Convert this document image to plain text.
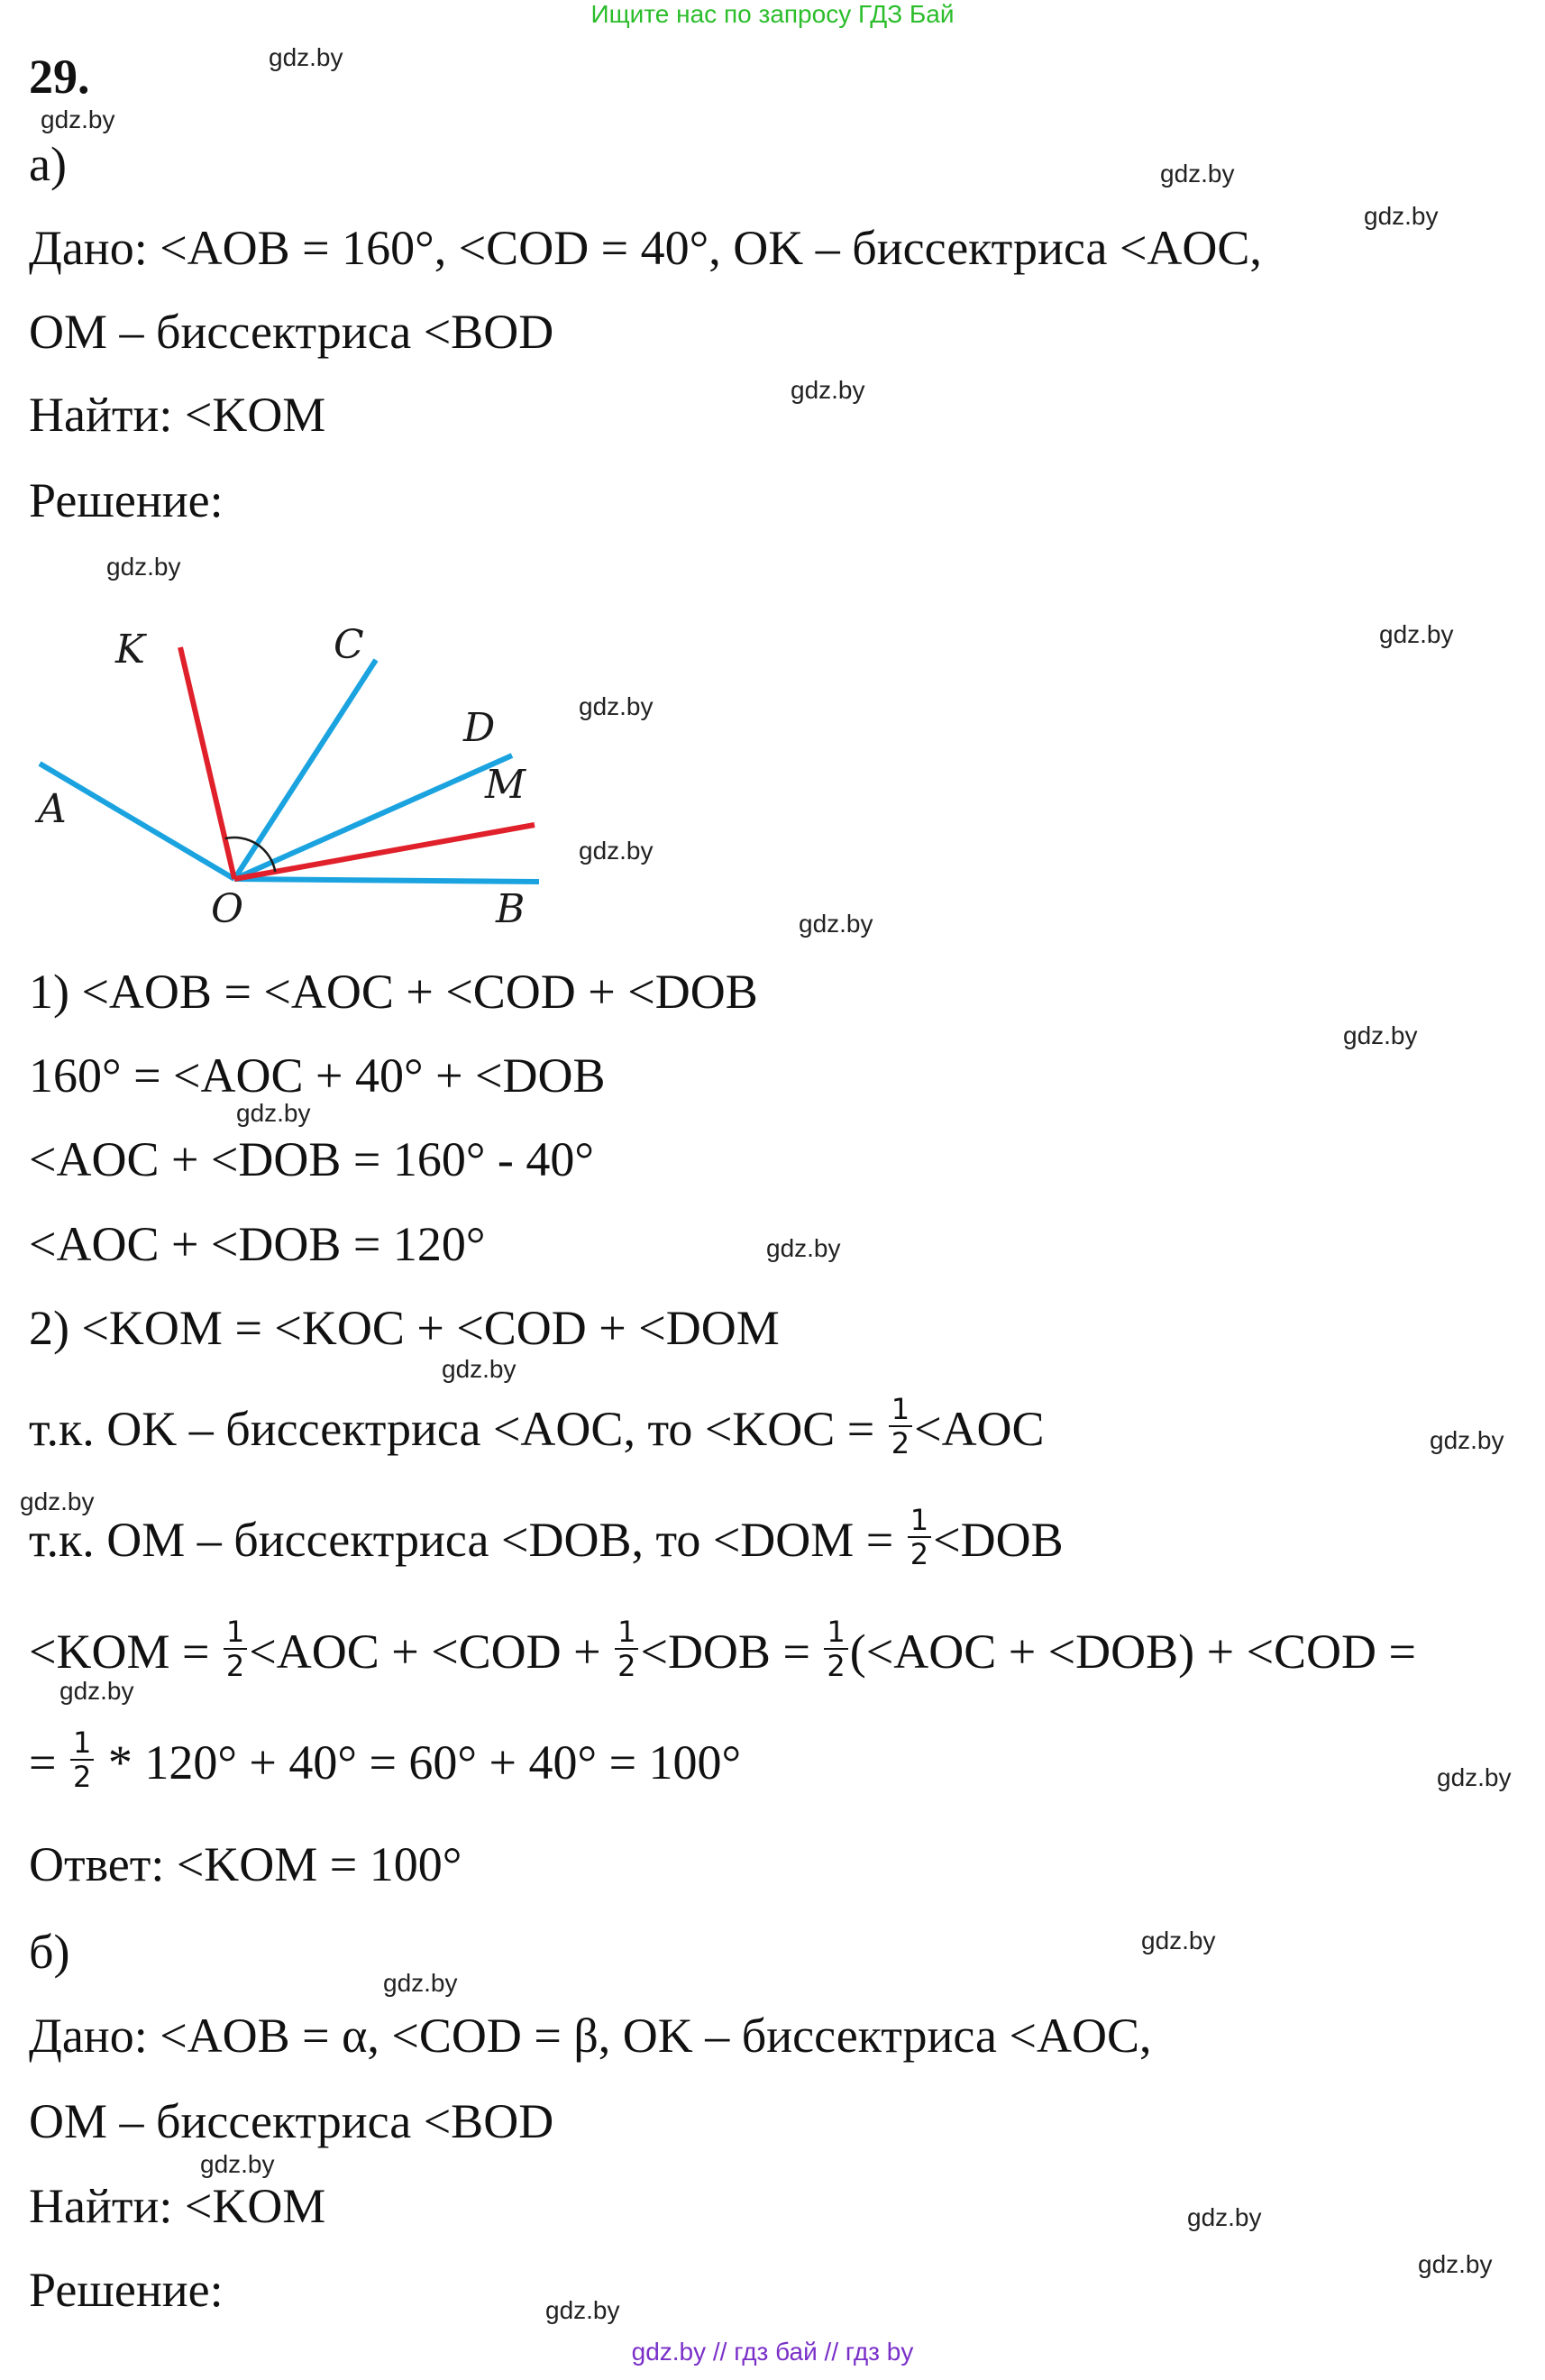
Ищите нас по запросу ГДЗ Бай
29.
а)
Дано: <AOB = 160°, <COD = 40°, OK – биссектриса <AOC,
OM – биссектриса <BOD
Найти: <KOM
Решение:
K	C
D
M
A
O	B
1) <AOB = <AOC + <COD + <DOB
160° = <AOC + 40° + <DOB
<AOC + <DOB = 160° - 40°
<AOC + <DOB = 120°
2) <KOM = <KOC + <COD + <DOM
т.к. OK – биссектриса <AOC, то $<KOC = \frac{1}{2} <AOC$
т.к. OM – биссектриса <DOB, то $<DOM = \frac{1}{2} <DOB$
$<KOM = \frac{1}{2} <AOC + <COD + \frac{1}{2} <DOB = \frac{1}{2} (<AOC + <DOB) + <COD$ =
= $\frac{1}{2} * 120^\circ + 40^\circ = 60^\circ + 40^\circ = 100^\circ$
Ответ: <KOM = 100°
б)
Дано: <AOB = α, <COD = β, OK – биссектриса <AOC,
OM – биссектриса <BOD
Найти: <KOM
Решение:
gdz.by
gdz.by
gdz.by
gdz.by
gdz.by
gdz.by
gdz.by
gdz.by
gdz.by
gdz.by
gdz.by
gdz.by
gdz.by
gdz.by
gdz.by
gdz.by
gdz.by
gdz.by
gdz.by
gdz.by
gdz.by
gdz.by
gdz.by
gdz.by
gdz.by // гдз бай // гдз by
